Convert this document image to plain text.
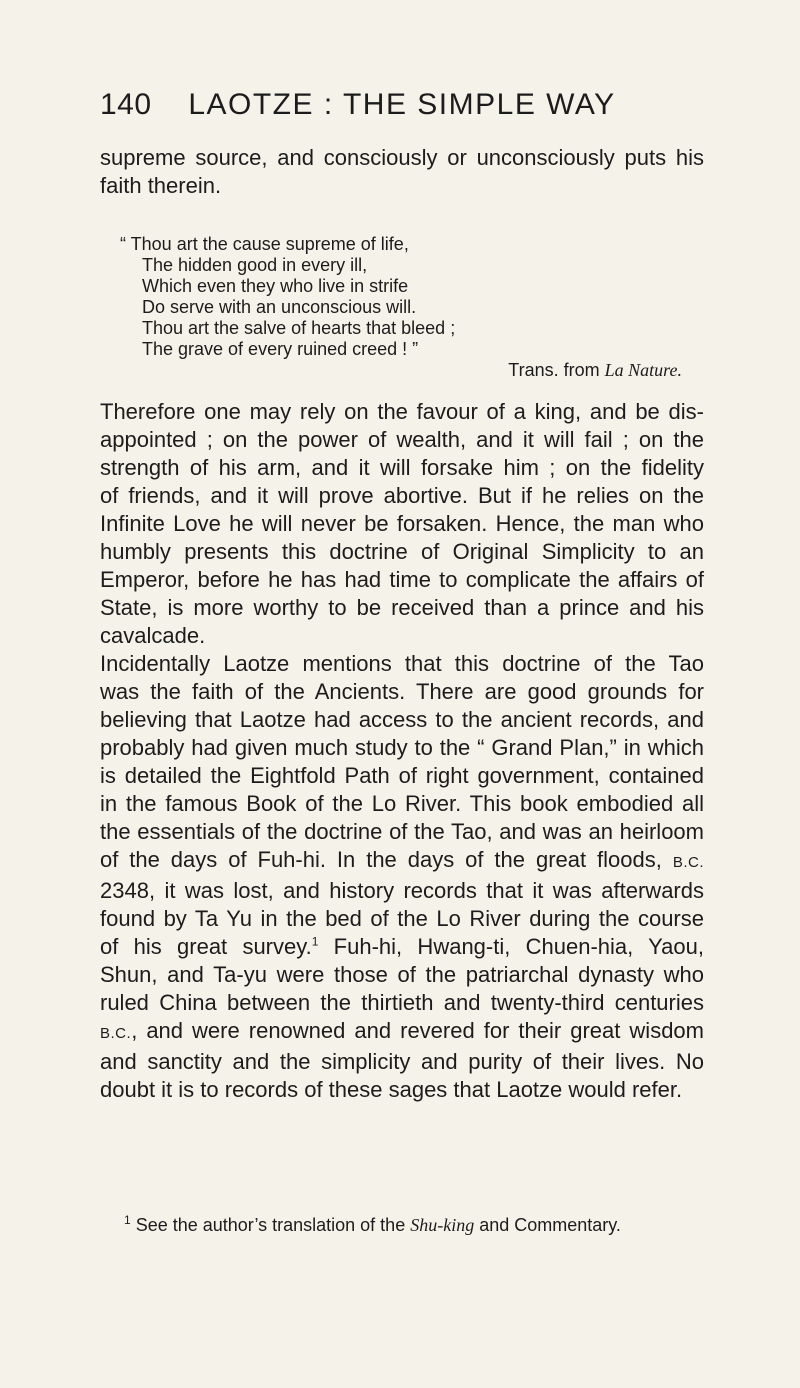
140	LAOTZE : THE SIMPLE WAY
supreme source, and consciously or unconsciously puts his
faith therein.
“ Thou art the cause supreme of life,
The hidden good in every ill,
Which even they who live in strife
Do serve with an unconscious will.
Thou art the salve of hearts that bleed ;
The grave of every ruined creed ! ”
Trans. from La Nature.
Therefore one may rely on the favour of a king, and be dis-
appointed ; on the power of wealth, and it will fail ; on the
strength of his arm, and it will forsake him ; on the fidelity
of friends, and it will prove abortive. But if he relies on the
Infinite Love he will never be forsaken. Hence, the man who
humbly presents this doctrine of Original Simplicity to an
Emperor, before he has had time to complicate the affairs of
State, is more worthy to be received than a prince and his
cavalcade.
Incidentally Laotze mentions that this doctrine of the Tao
was the faith of the Ancients. There are good grounds for
believing that Laotze had access to the ancient records, and
probably had given much study to the “ Grand Plan,” in which
is detailed the Eightfold Path of right government, contained
in the famous Book of the Lo River. This book embodied all
the essentials of the doctrine of the Tao, and was an heirloom
of the days of Fuh-hi. In the days of the great floods, B.C.
2348, it was lost, and history records that it was afterwards
found by Ta Yu in the bed of the Lo River during the course
of his great survey.$^1$ Fuh-hi, Hwang-ti, Chuen-hia, Yaou,
Shun, and Ta-yu were those of the patriarchal dynasty who
ruled China between the thirtieth and twenty-third centuries
B.C., and were renowned and revered for their great wisdom
and sanctity and the simplicity and purity of their lives. No
doubt it is to records of these sages that Laotze would refer.
$^1$ See the author’s translation of the Shu-king and Commentary.
